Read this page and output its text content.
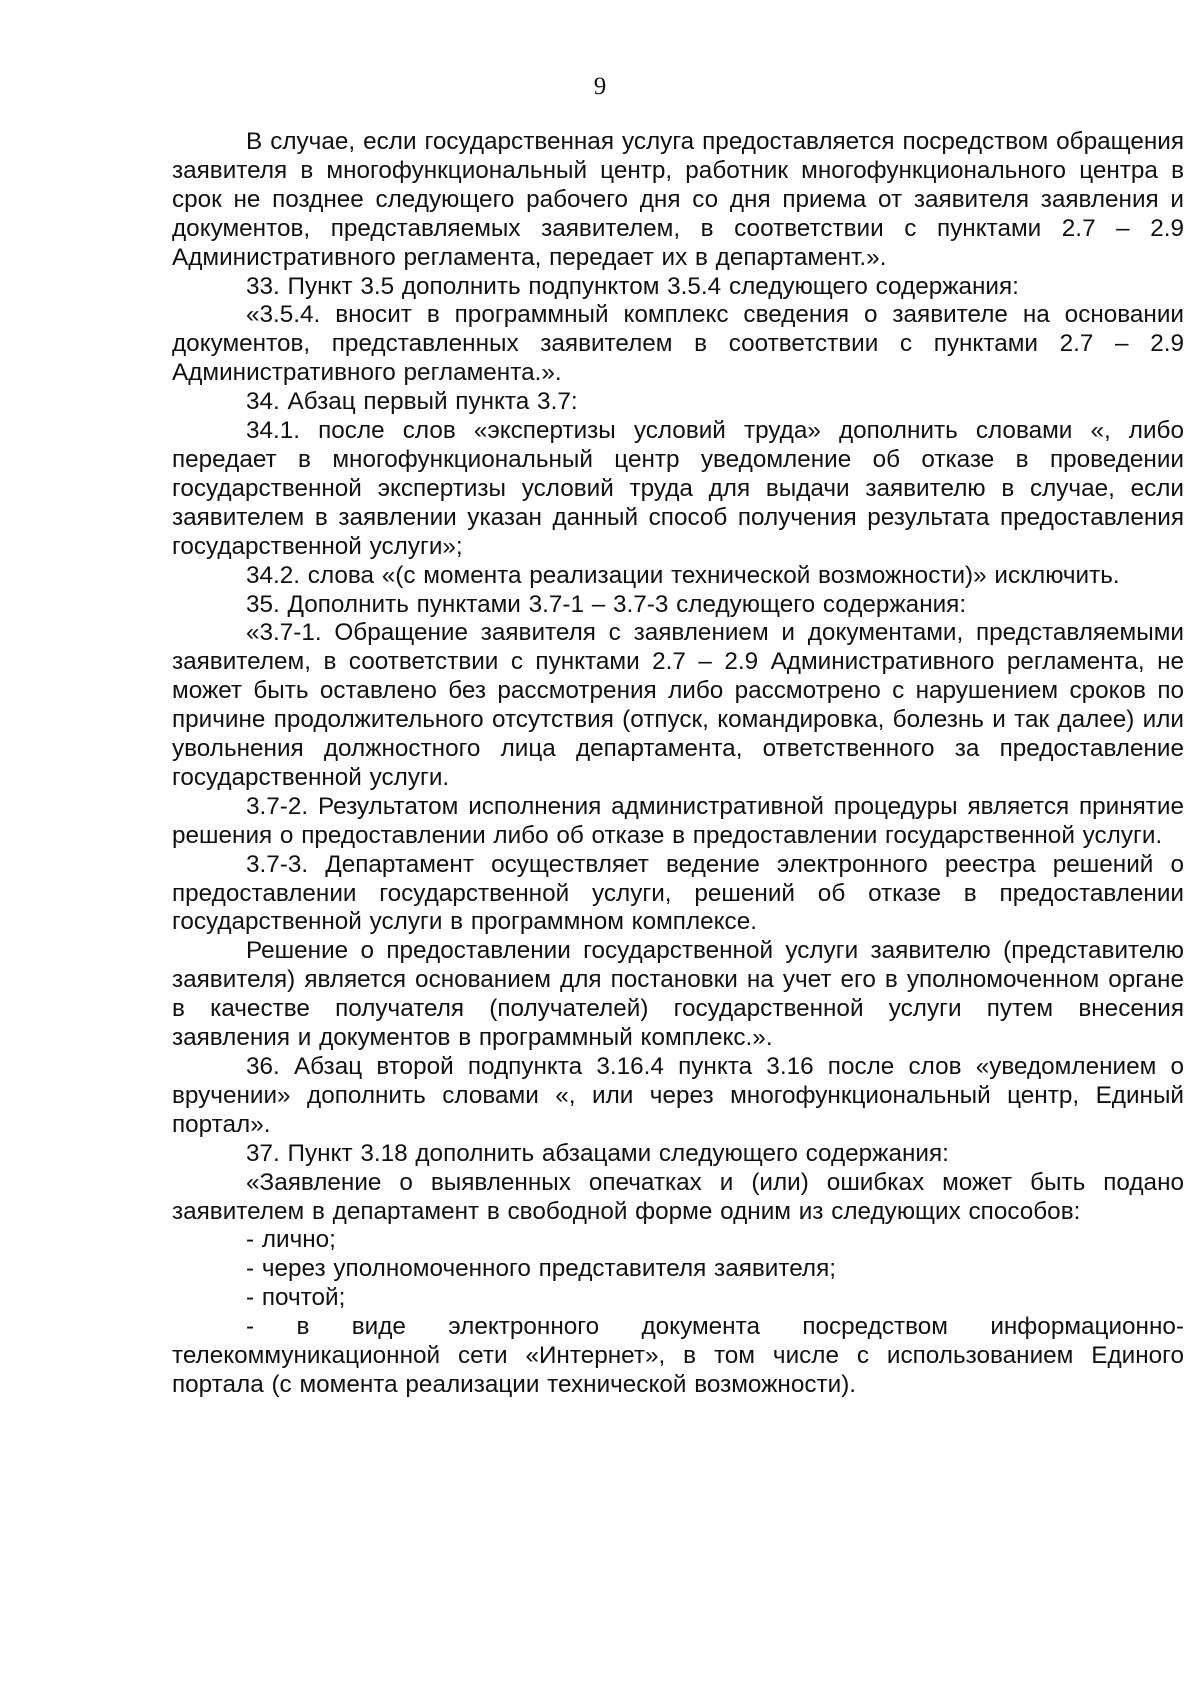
9

В случае, если государственная услуга предоставляется посредством обращения заявителя в многофункциональный центр, работник многофункционального центра в срок не позднее следующего рабочего дня со дня приема от заявителя заявления и документов, представляемых заявителем, в соответствии с пунктами 2.7 – 2.9 Административного регламента, передает их в департамент.».

33. Пункт 3.5 дополнить подпунктом 3.5.4 следующего содержания:

«3.5.4. вносит в программный комплекс сведения о заявителе на основании документов, представленных заявителем в соответствии с пунктами 2.7 – 2.9 Административного регламента.».

34. Абзац первый пункта 3.7:

34.1. после слов «экспертизы условий труда» дополнить словами «, либо передает в многофункциональный центр уведомление об отказе в проведении государственной экспертизы условий труда для выдачи заявителю в случае, если заявителем в заявлении указан данный способ получения результата предоставления государственной услуги»;

34.2. слова «(с момента реализации технической возможности)» исключить.

35. Дополнить пунктами 3.7-1 – 3.7-3 следующего содержания:

«3.7-1. Обращение заявителя с заявлением и документами, представляемыми заявителем, в соответствии с пунктами 2.7 – 2.9 Административного регламента, не может быть оставлено без рассмотрения либо рассмотрено с нарушением сроков по причине продолжительного отсутствия (отпуск, командировка, болезнь и так далее) или увольнения должностного лица департамента, ответственного за предоставление государственной услуги.

3.7-2. Результатом исполнения административной процедуры является принятие решения о предоставлении либо об отказе в предоставлении государственной услуги.

3.7-3. Департамент осуществляет ведение электронного реестра решений о предоставлении государственной услуги, решений об отказе в предоставлении государственной услуги в программном комплексе.

Решение о предоставлении государственной услуги заявителю (представителю заявителя) является основанием для постановки на учет его в уполномоченном органе в качестве получателя (получателей) государственной услуги путем внесения заявления и документов в программный комплекс.».

36. Абзац второй подпункта 3.16.4 пункта 3.16 после слов «уведомлением о вручении» дополнить словами «, или через многофункциональный центр, Единый портал».

37. Пункт 3.18 дополнить абзацами следующего содержания:

«Заявление о выявленных опечатках и (или) ошибках может быть подано заявителем в департамент в свободной форме одним из следующих способов:

- лично;

- через уполномоченного представителя заявителя;

- почтой;

- в виде электронного документа посредством информационно-телекоммуникационной сети «Интернет», в том числе с использованием Единого портала (с момента реализации технической возможности).
